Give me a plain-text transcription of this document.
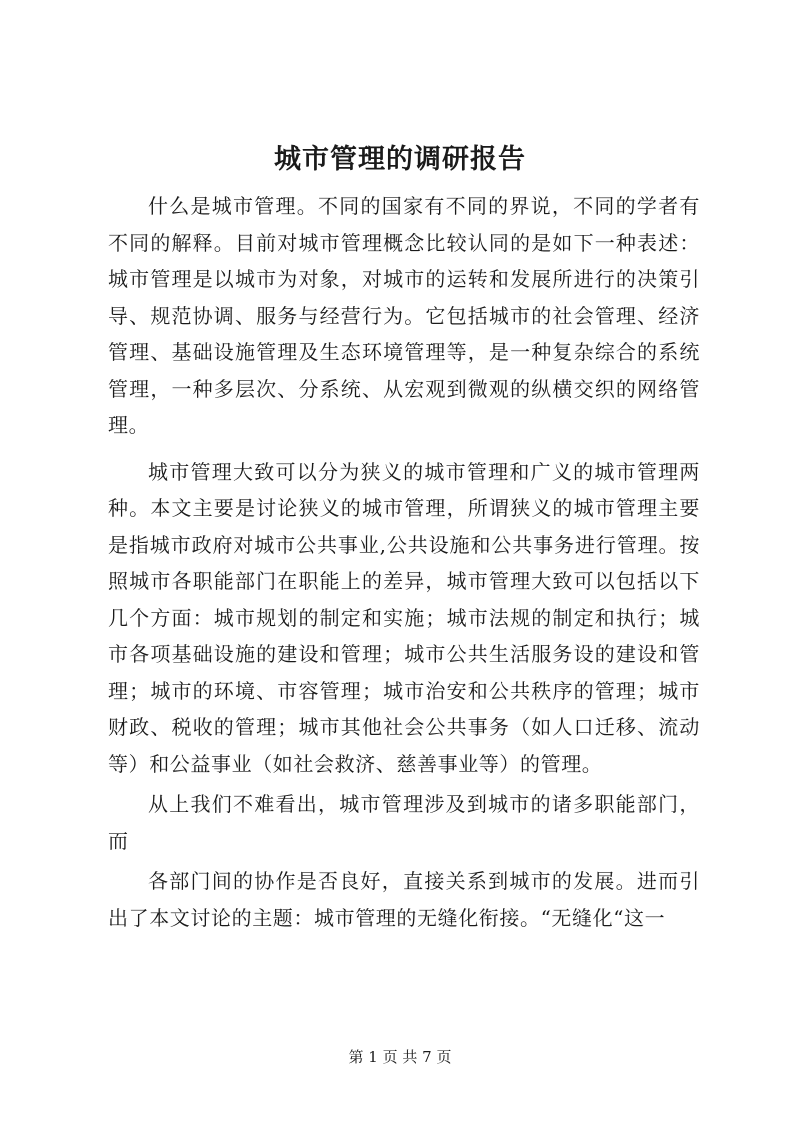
城市管理的调研报告

什么是城市管理。不同的国家有不同的界说，不同的学者有不同的解释。目前对城市管理概念比较认同的是如下一种表述：城市管理是以城市为对象，对城市的运转和发展所进行的决策引导、规范协调、服务与经营行为。它包括城市的社会管理、经济管理、基础设施管理及生态环境管理等，是一种复杂综合的系统管理，一种多层次、分系统、从宏观到微观的纵横交织的网络管理。

城市管理大致可以分为狭义的城市管理和广义的城市管理两种。本文主要是讨论狭义的城市管理，所谓狭义的城市管理主要是指城市政府对城市公共事业,公共设施和公共事务进行管理。按照城市各职能部门在职能上的差异，城市管理大致可以包括以下几个方面：城市规划的制定和实施；城市法规的制定和执行；城市各项基础设施的建设和管理；城市公共生活服务设的建设和管理；城市的环境、市容管理；城市治安和公共秩序的管理；城市财政、税收的管理；城市其他社会公共事务（如人口迁移、流动等）和公益事业（如社会救济、慈善事业等）的管理。

从上我们不难看出，城市管理涉及到城市的诸多职能部门，而

各部门间的协作是否良好，直接关系到城市的发展。进而引出了本文讨论的主题：城市管理的无缝化衔接。“无缝化“这一

第 1 页 共 7 页
